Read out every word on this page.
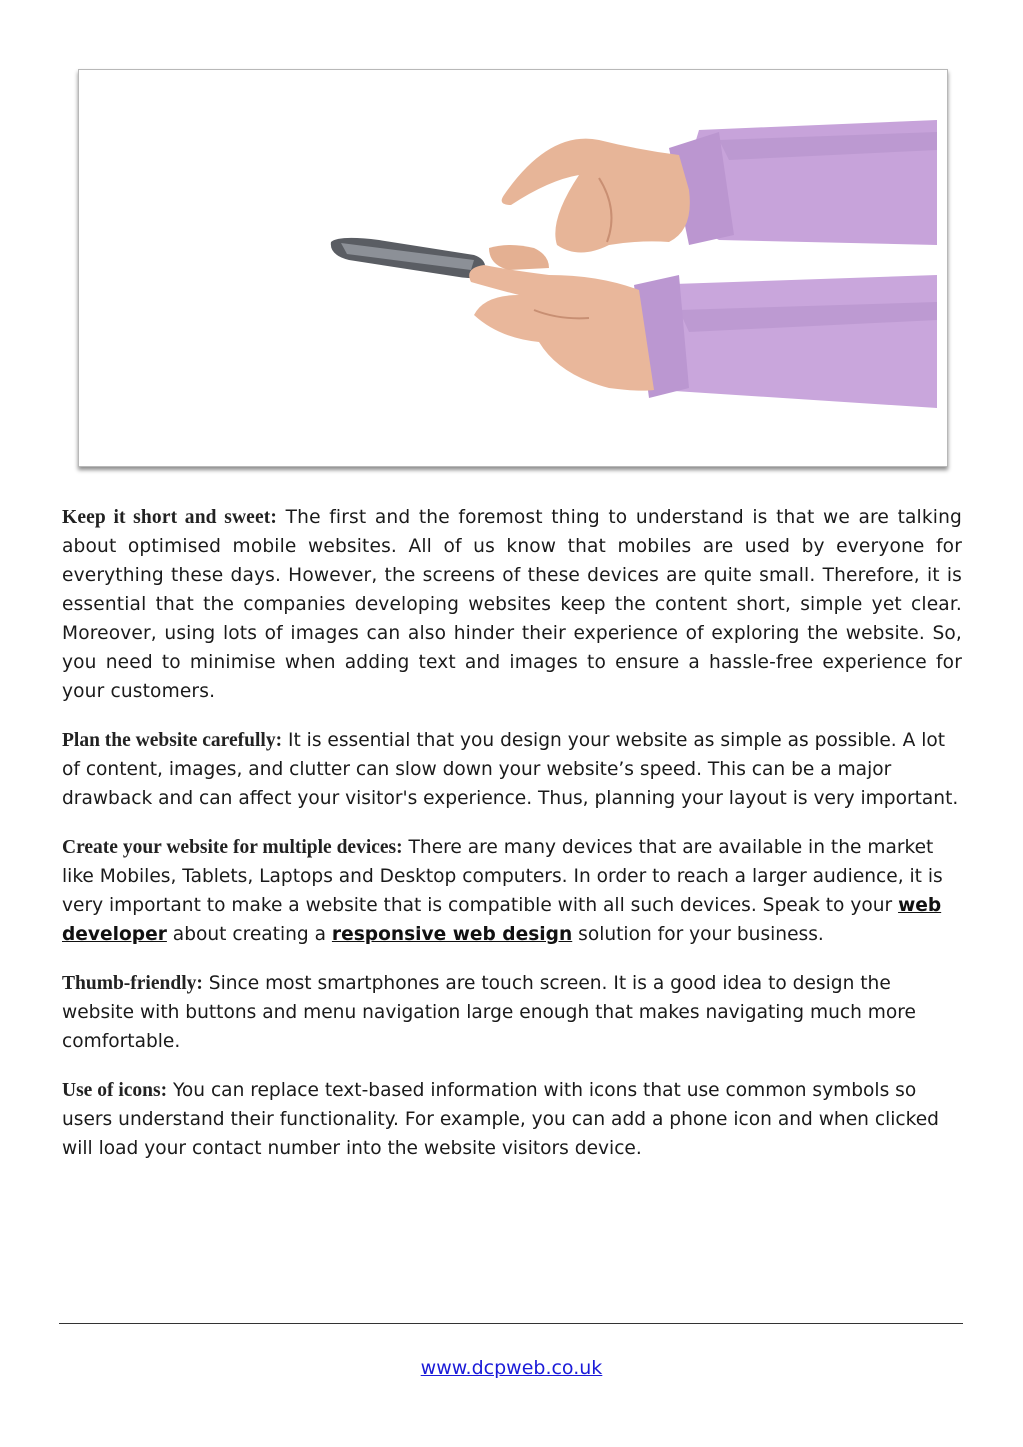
Keep it short and sweet: The first and the foremost thing to understand is that we are talking about optimised mobile websites. All of us know that mobiles are used by everyone for everything these days. However, the screens of these devices are quite small. Therefore, it is essential that the companies developing websites keep the content short, simple yet clear. Moreover, using lots of images can also hinder their experience of exploring the website. So, you need to minimise when adding text and images to ensure a hassle-free experience for your customers.

Plan the website carefully: It is essential that you design your website as simple as possible. A lot of content, images, and clutter can slow down your website’s speed. This can be a major drawback and can affect your visitor's experience. Thus, planning your layout is very important.

Create your website for multiple devices: There are many devices that are available in the market like Mobiles, Tablets, Laptops and Desktop computers. In order to reach a larger audience, it is very important to make a website that is compatible with all such devices. Speak to your web developer about creating a responsive web design solution for your business.

Thumb-friendly: Since most smartphones are touch screen. It is a good idea to design the website with buttons and menu navigation large enough that makes navigating much more comfortable.

Use of icons: You can replace text-based information with icons that use common symbols so users understand their functionality. For example, you can add a phone icon and when clicked will load your contact number into the website visitors device.

www.dcpweb.co.uk
